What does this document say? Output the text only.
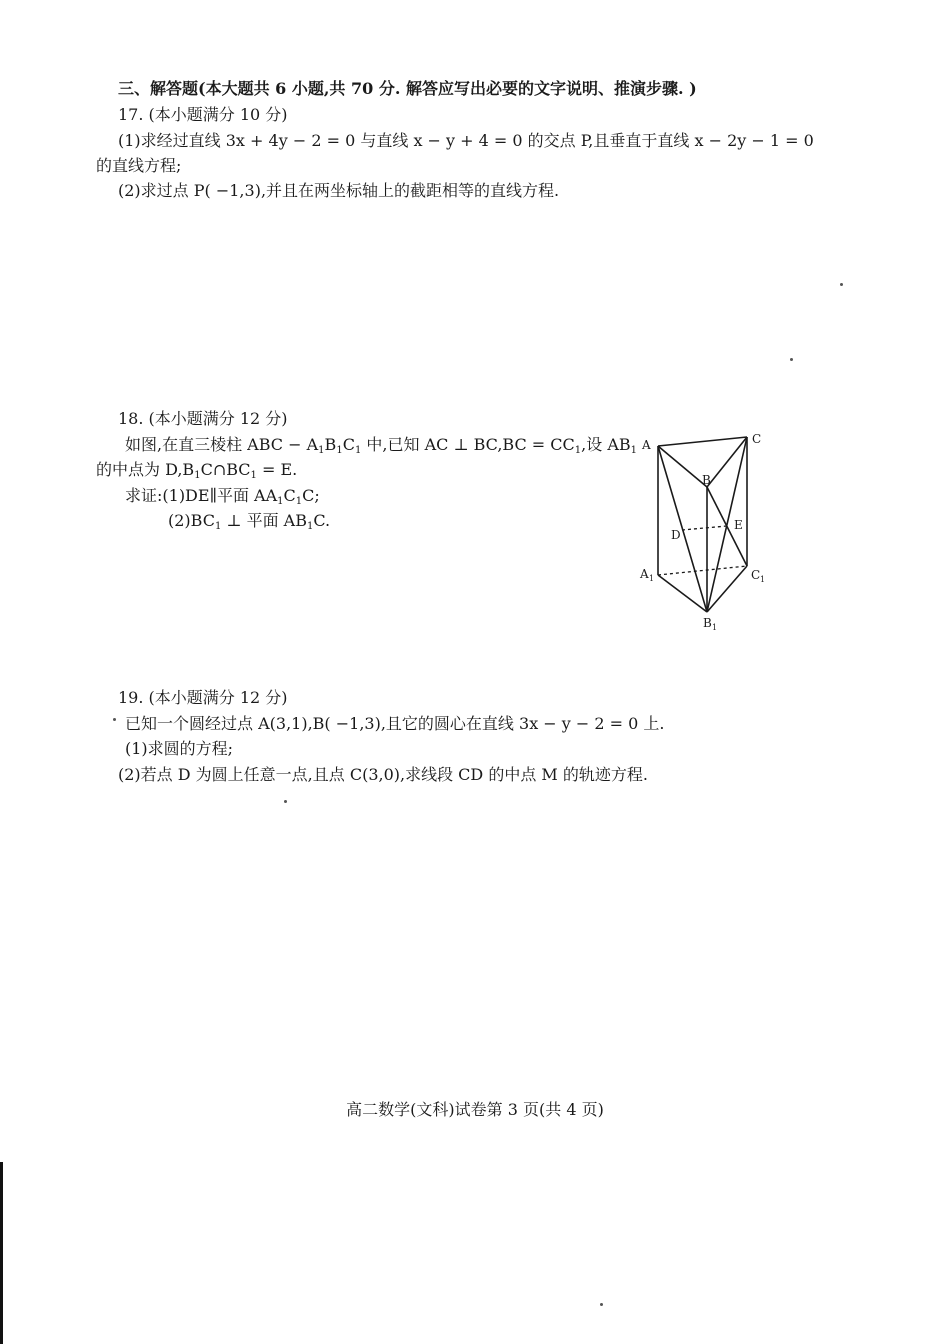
三、解答题(本大题共 6 小题,共 70 分. 解答应写出必要的文字说明、推演步骤. )
17. (本小题满分 10 分)
(1)求经过直线 3x + 4y − 2 = 0 与直线 x − y + 4 = 0 的交点 P,且垂直于直线 x − 2y − 1 = 0
的直线方程;
(2)求过点 P( −1,3),并且在两坐标轴上的截距相等的直线方程.
18. (本小题满分 12 分)
如图,在直三棱柱 ABC − $A_1B_1C_1$ 中,已知 AC ⊥ $BC,BC = CC_1$,设 $AB_1$
的中点为 $D,B_1C\cap BC_1 = E$.
求证:(1)DE∥平面 $AA_1C_1C$;
$(2)BC_1$ ⊥ 平面 $AB_1C$.
A	C
B
D
E
A 1	C 1
B 1
19. (本小题满分 12 分)
已知一个圆经过点 A(3,1),B( −1,3),且它的圆心在直线 3x − y − 2 = 0 上.
(1)求圆的方程;
(2)若点 D 为圆上任意一点,且点 C(3,0),求线段 CD 的中点 M 的轨迹方程.
高二数学(文科)试卷第 3 页(共 4 页)
